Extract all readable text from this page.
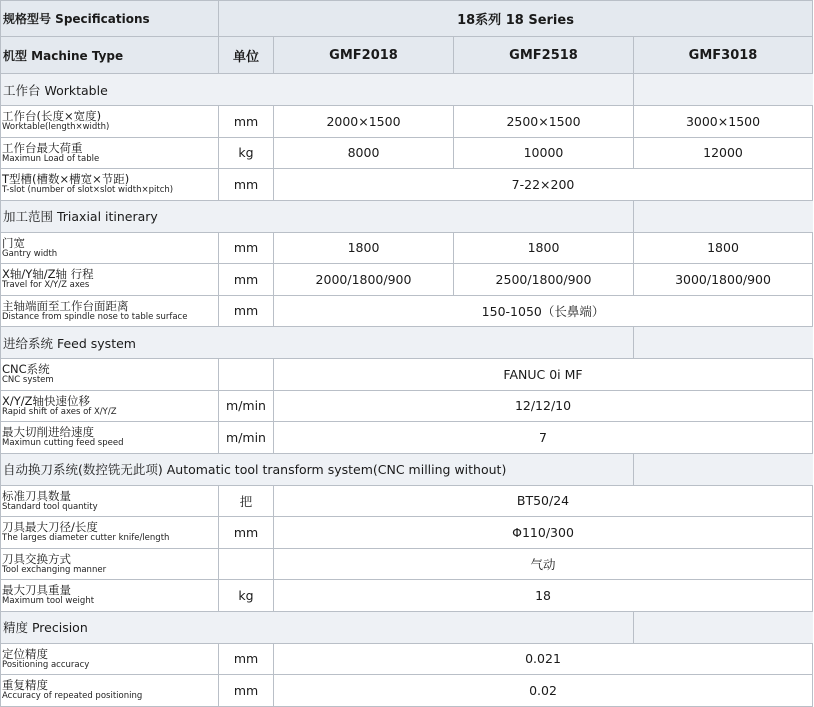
规格型号 Specifications	18系列 18 Series			
机型 Machine Type	单位	GMF2018	GMF2518	GMF3018
工作台 Worktable				

工作台(长度×宽度)
Worktable(length×width)	mm	2000×1500	2500×1500	3000×1500

工作台最大荷重
Maximun Load of table	kg	8000	10000	12000

T型槽(槽数×槽宽×节距)
T-slot (number of slot×slot width×pitch)	mm	7-22×200		
加工范围 Triaxial itinerary				

门宽
Gantry width	mm	1800	1800	1800

X轴/Y轴/Z轴 行程
Travel for X/Y/Z axes	mm	2000/1800/900	2500/1800/900	3000/1800/900

主轴端面至工作台面距离
Distance from spindle nose to table surface	mm	150-1050（长鼻端）		
进给系统 Feed system				

CNC系统
CNC system		FANUC 0i MF		

X/Y/Z轴快速位移
Rapid shift of axes of X/Y/Z	m/min	12/12/10		

最大切削进给速度
Maximun cutting feed speed	m/min	7		
自动换刀系统(数控铣无此项) Automatic tool transform system(CNC milling without)				

标准刀具数量
Standard tool quantity	把	BT50/24		

刀具最大刀径/长度
The larges diameter cutter knife/length	mm	Φ110/300		

刀具交换方式
Tool exchanging manner		气动		

最大刀具重量
Maximum tool weight	kg	18		
精度 Precision				

定位精度
Positioning accuracy	mm	0.021		

重复精度
Accuracy of repeated positioning	mm	0.02		
